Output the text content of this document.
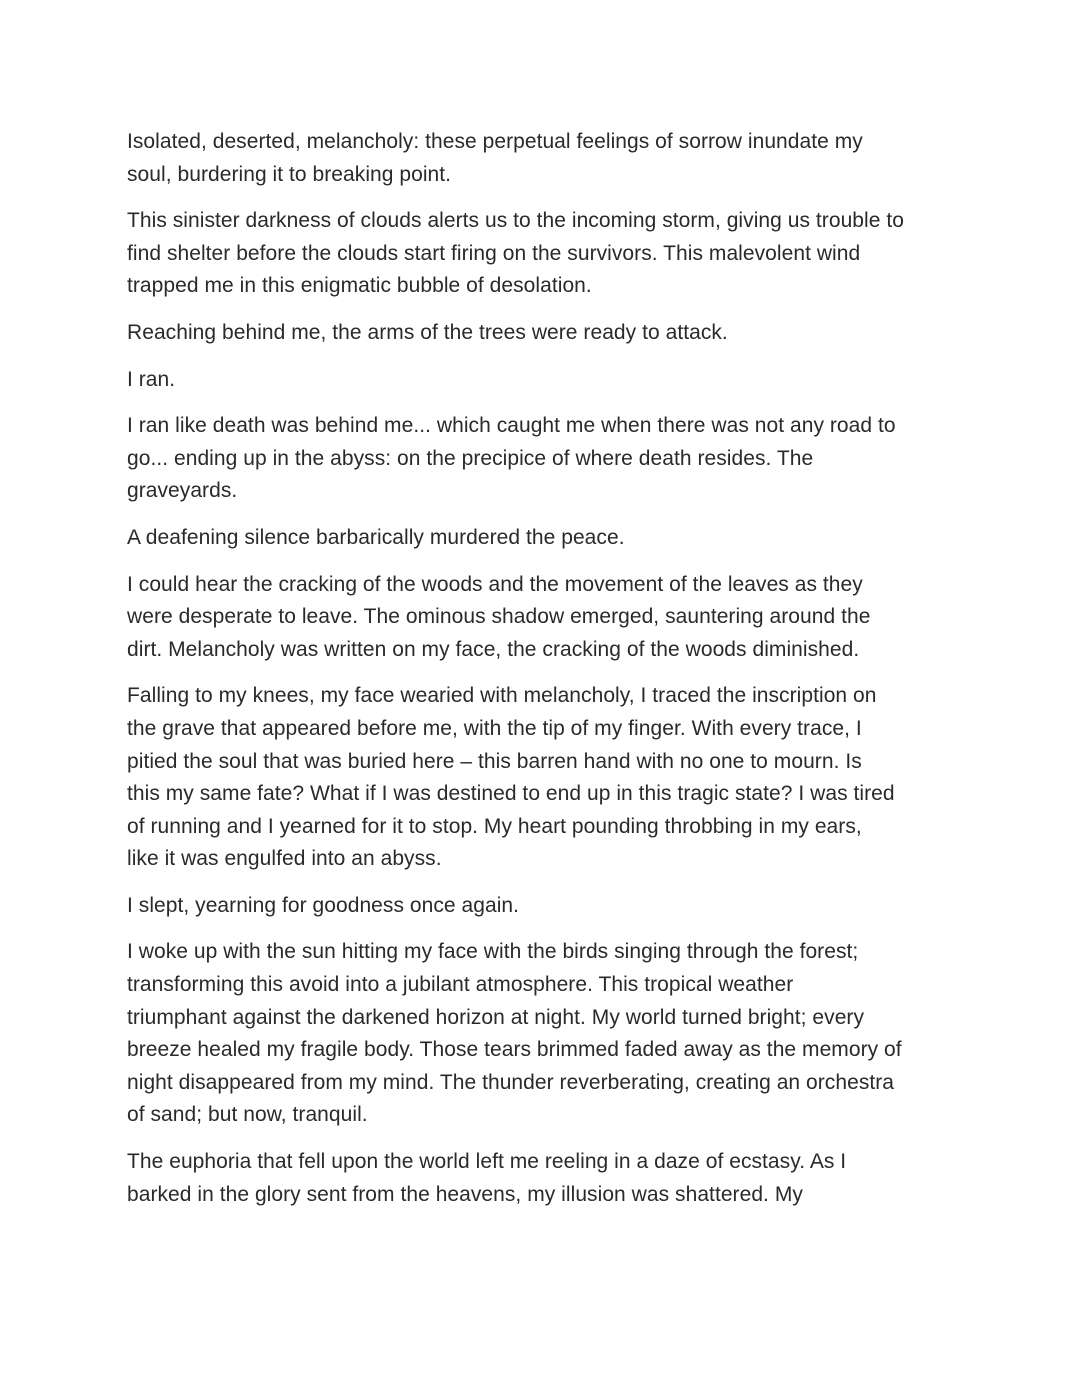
Isolated, deserted, melancholy: these perpetual feelings of sorrow inundate my
soul, burdering it to breaking point.

This sinister darkness of clouds alerts us to the incoming storm, giving us trouble to
find shelter before the clouds start firing on the survivors. This malevolent wind
trapped me in this enigmatic bubble of desolation.

Reaching behind me, the arms of the trees were ready to attack.

I ran.

I ran like death was behind me... which caught me when there was not any road to
go... ending up in the abyss: on the precipice of where death resides. The
graveyards.

A deafening silence barbarically murdered the peace.

I could hear the cracking of the woods and the movement of the leaves as they
were desperate to leave. The ominous shadow emerged, sauntering around the
dirt. Melancholy was written on my face, the cracking of the woods diminished.

Falling to my knees, my face wearied with melancholy, I traced the inscription on
the grave that appeared before me, with the tip of my finger. With every trace, I
pitied the soul that was buried here – this barren hand with no one to mourn. Is
this my same fate? What if I was destined to end up in this tragic state? I was tired
of running and I yearned for it to stop. My heart pounding throbbing in my ears,
like it was engulfed into an abyss.

I slept, yearning for goodness once again.

I woke up with the sun hitting my face with the birds singing through the forest;
transforming this avoid into a jubilant atmosphere. This tropical weather
triumphant against the darkened horizon at night. My world turned bright; every
breeze healed my fragile body. Those tears brimmed faded away as the memory of
night disappeared from my mind. The thunder reverberating, creating an orchestra
of sand; but now, tranquil.

The euphoria that fell upon the world left me reeling in a daze of ecstasy. As I
barked in the glory sent from the heavens, my illusion was shattered. My
